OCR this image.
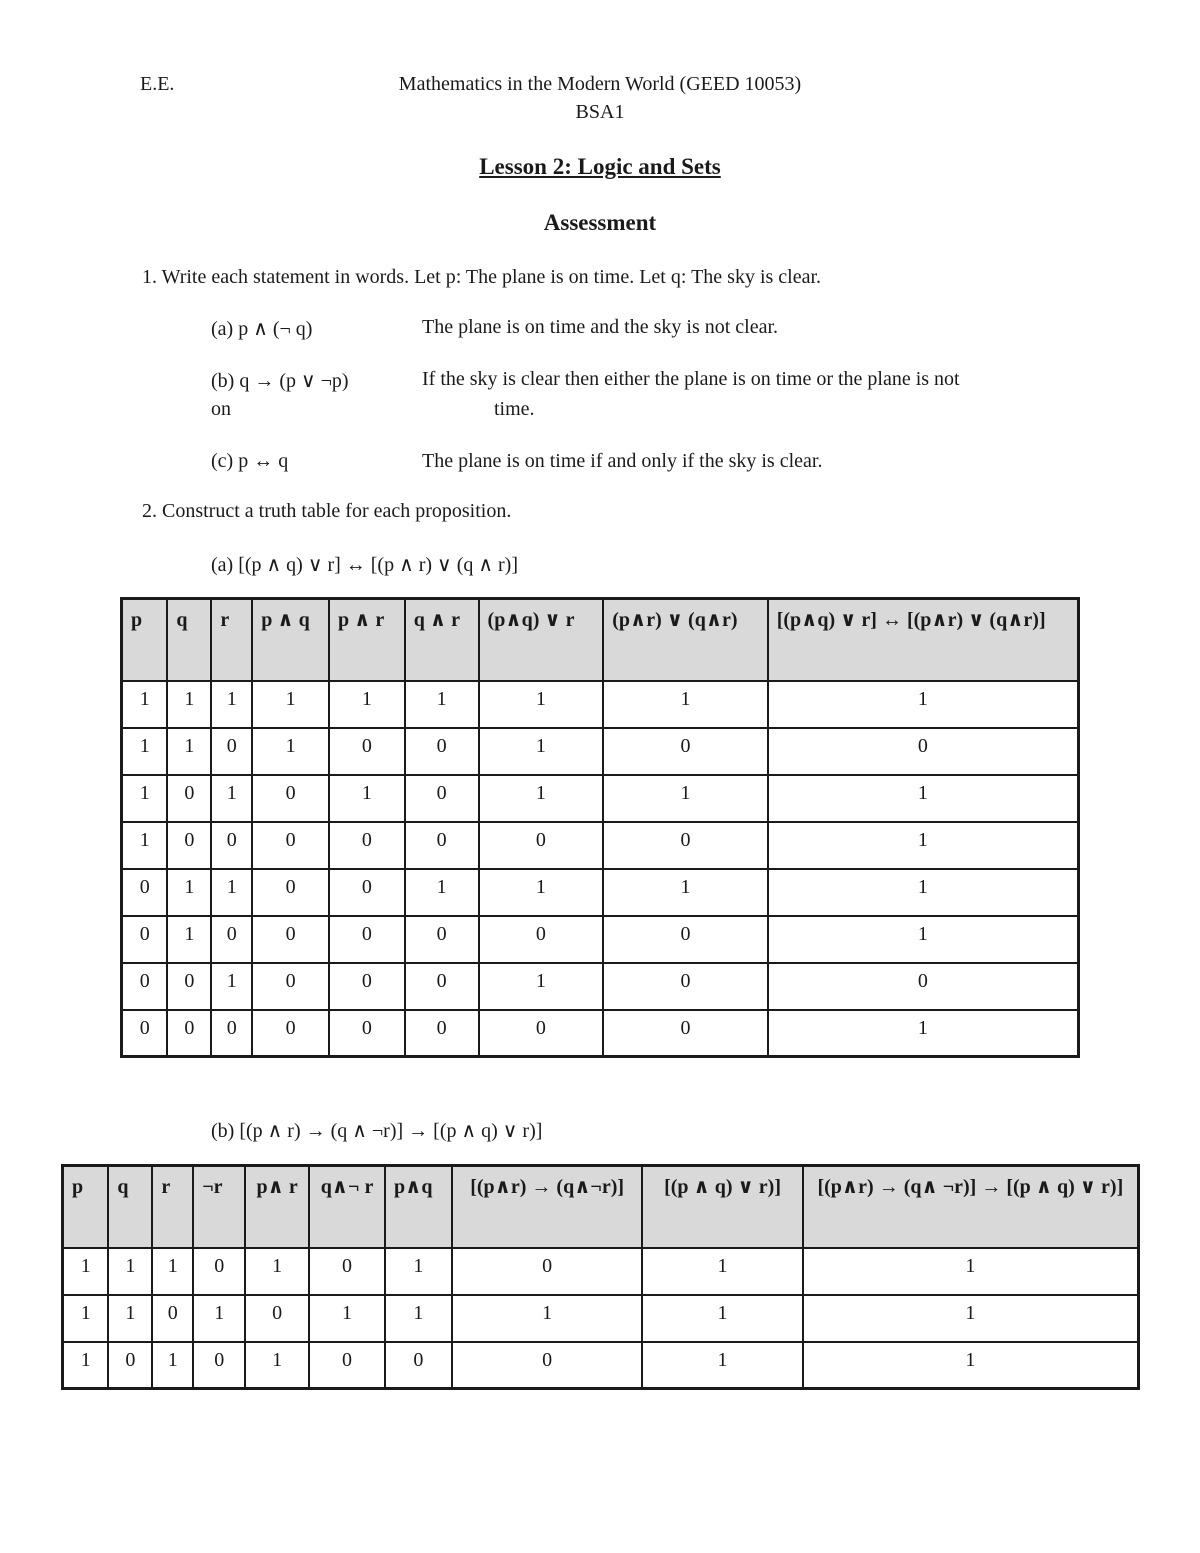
E.E.	Mathematics in the Modern World (GEED 10053)
BSA1
Lesson 2: Logic and Sets
Assessment
1. Write each statement in words. Let p: The plane is on time. Let q: The sky is clear.
(a) p ∧ (¬ q)	The plane is on time and the sky is not clear.
(b) q → (p ∨ ¬p)	If the sky is clear then either the plane is on time or the plane is not
on	time.
(c) p ↔ q	The plane is on time if and only if the sky is clear.
2. Construct a truth table for each proposition.
(a) [(p ∧ q) ∨ r] ↔ [(p ∧ r) ∨ (q ∧ r)]
p	q	r	p ∧ q	p ∧ r	q ∧ r	(p∧q) ∨ r	(p∧r) ∨ (q∧r)	[(p∧q) ∨ r] ↔ [(p∧r) ∨ (q∧r)]
1	1	1	1	1	1	1	1	1
1	1	0	1	0	0	1	0	0
1	0	1	0	1	0	1	1	1
1	0	0	0	0	0	0	0	1
0	1	1	0	0	1	1	1	1
0	1	0	0	0	0	0	0	1
0	0	1	0	0	0	1	0	0
0	0	0	0	0	0	0	0	1
(b) [(p ∧ r) → (q ∧ ¬r)] → [(p ∧ q) ∨ r)]
p	q	r	¬r	p∧ r	q∧¬ r	p∧q	[(p∧r) → (q∧¬r)]	[(p ∧ q) ∨ r)]	[(p∧r) → (q∧ ¬r)] → [(p ∧ q) ∨ r)]
1	1	1	0	1	0	1	0	1	1
1	1	0	1	0	1	1	1	1	1
1	0	1	0	1	0	0	0	1	1
